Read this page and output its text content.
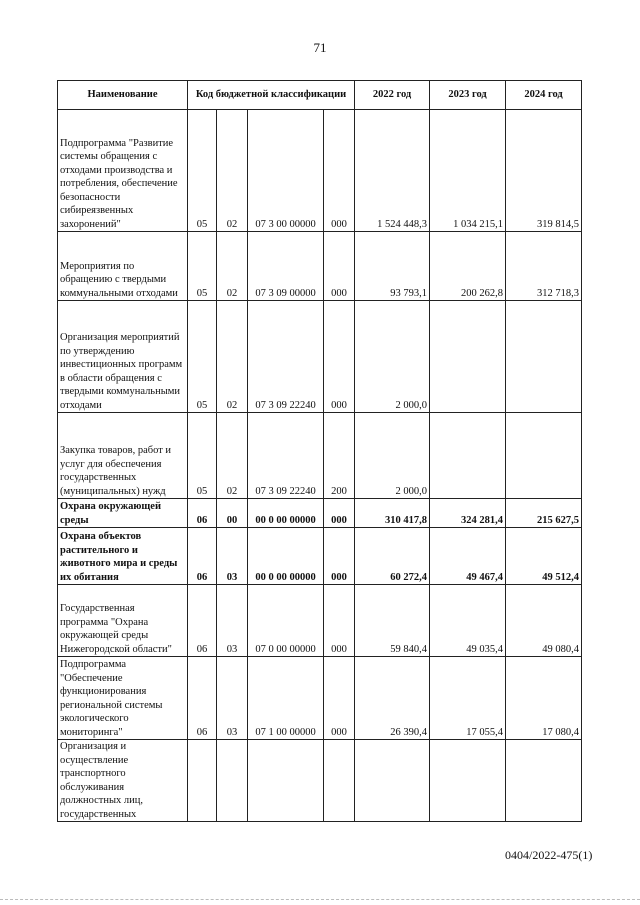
71
Наименование	Код бюджетной классификации				2022 год	2023 год	2024 год
Подпрограмма "Развитие системы обращения с отходами производства и потребления, обеспечение безопасности сибиреязвенных захоронений"	05	02	07 3 00 00000	000	1 524 448,3	1 034 215,1	319 814,5
Мероприятия по обращению с твердыми коммунальными отходами	05	02	07 3 09 00000	000	93 793,1	200 262,8	312 718,3
Организация мероприятий по утверждению инвестиционных программ в области обращения с твердыми коммунальными отходами	05	02	07 3 09 22240	000	2 000,0		
Закупка товаров, работ и услуг для обеспечения государственных (муниципальных) нужд	05	02	07 3 09 22240	200	2 000,0		
Охрана окружающей среды	06	00	00 0 00 00000	000	310 417,8	324 281,4	215 627,5
Охрана объектов растительного и животного мира и среды их обитания	06	03	00 0 00 00000	000	60 272,4	49 467,4	49 512,4
Государственная программа "Охрана окружающей среды Нижегородской области"	06	03	07 0 00 00000	000	59 840,4	49 035,4	49 080,4
Подпрограмма "Обеспечение функционирования региональной системы экологического мониторинга"	06	03	07 1 00 00000	000	26 390,4	17 055,4	17 080,4
Организация и осуществление транспортного обслуживания должностных лиц, государственных							
0404/2022-475(1)
